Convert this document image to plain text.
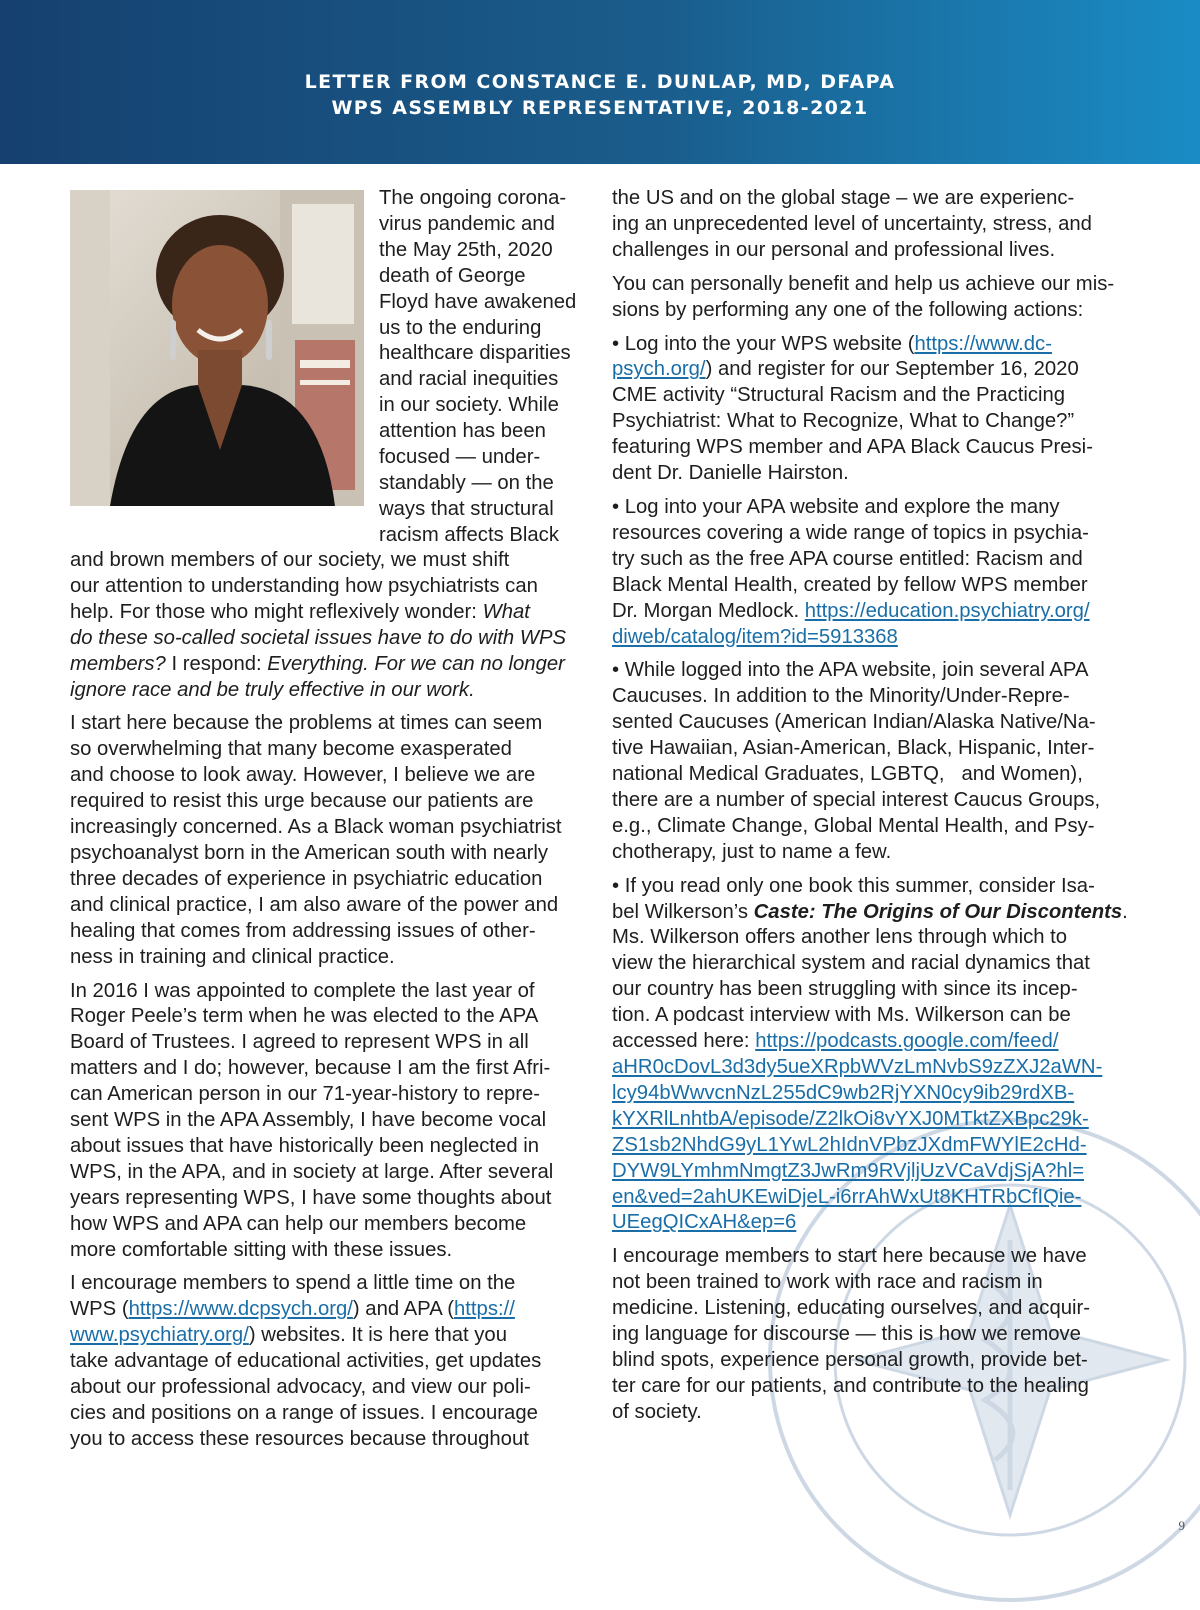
LETTER FROM CONSTANCE E. DUNLAP, MD, DFAPA
WPS ASSEMBLY REPRESENTATIVE, 2018-2021
The ongoing corona-
virus pandemic and
the May 25th, 2020
death of George
Floyd have awakened
us to the enduring
healthcare disparities
and racial inequities
in our society. While
attention has been
focused — under-
standably — on the
ways that structural
racism affects Black

and brown members of our society, we must shift
our attention to understanding how psychiatrists can
help. For those who might reflexively wonder: What
do these so-called societal issues have to do with WPS
members? I respond: Everything. For we can no longer
ignore race and be truly effective in our work.

I start here because the problems at times can seem
so overwhelming that many become exasperated
and choose to look away. However, I believe we are
required to resist this urge because our patients are
increasingly concerned. As a Black woman psychiatrist
psychoanalyst born in the American south with nearly
three decades of experience in psychiatric education
and clinical practice, I am also aware of the power and
healing that comes from addressing issues of other-
ness in training and clinical practice.

In 2016 I was appointed to complete the last year of
Roger Peele’s term when he was elected to the APA
Board of Trustees. I agreed to represent WPS in all
matters and I do; however, because I am the first Afri-
can American person in our 71-year-history to repre-
sent WPS in the APA Assembly, I have become vocal
about issues that have historically been neglected in
WPS, in the APA, and in society at large. After several
years representing WPS, I have some thoughts about
how WPS and APA can help our members become
more comfortable sitting with these issues.

I encourage members to spend a little time on the
WPS (https://www.dcpsych.org/) and APA (https://
www.psychiatry.org/) websites. It is here that you
take advantage of educational activities, get updates
about our professional advocacy, and view our poli-
cies and positions on a range of issues. I encourage
you to access these resources because throughout

the US and on the global stage – we are experienc-
ing an unprecedented level of uncertainty, stress, and
challenges in our personal and professional lives.

You can personally benefit and help us achieve our mis-
sions by performing any one of the following actions:

• Log into the your WPS website (https://www.dc-
psych.org/) and register for our September 16, 2020
CME activity “Structural Racism and the Practicing
Psychiatrist: What to Recognize, What to Change?”
featuring WPS member and APA Black Caucus Presi-
dent Dr. Danielle Hairston.

• Log into your APA website and explore the many
resources covering a wide range of topics in psychia-
try such as the free APA course entitled: Racism and
Black Mental Health, created by fellow WPS member
Dr. Morgan Medlock. https://education.psychiatry.org/
diweb/catalog/item?id=5913368

• While logged into the APA website, join several APA
Caucuses. In addition to the Minority/Under-Repre-
sented Caucuses (American Indian/Alaska Native/Na-
tive Hawaiian, Asian-American, Black, Hispanic, Inter-
national Medical Graduates, LGBTQ,   and Women),
there are a number of special interest Caucus Groups,
e.g., Climate Change, Global Mental Health, and Psy-
chotherapy, just to name a few.

• If you read only one book this summer, consider Isa-
bel Wilkerson’s Caste: The Origins of Our Discontents.
Ms. Wilkerson offers another lens through which to
view the hierarchical system and racial dynamics that
our country has been struggling with since its incep-
tion. A podcast interview with Ms. Wilkerson can be
accessed here: https://podcasts.google.com/feed/
aHR0cDovL3d3dy5ueXRpbWVzLmNvbS9zZXJ2aWN-
lcy94bWwvcnNzL255dC9wb2RjYXN0cy9ib29rdXB-
kYXRlLnhtbA/episode/Z2lkOi8vYXJ0MTktZXBpc29k-
ZS1sb2NhdG9yL1YwL2hIdnVPbzJXdmFWYlE2cHd-
DYW9LYmhmNmgtZ3JwRm9RVjljUzVCaVdjSjA?hl=
en&ved=2ahUKEwiDjeL-i6rrAhWxUt8KHTRbCfIQie-
UEegQICxAH&ep=6

I encourage members to start here because we have
not been trained to work with race and racism in
medicine. Listening, educating ourselves, and acquir-
ing language for discourse — this is how we remove
blind spots, experience personal growth, provide bet-
ter care for our patients, and contribute to the healing
of society.

9
